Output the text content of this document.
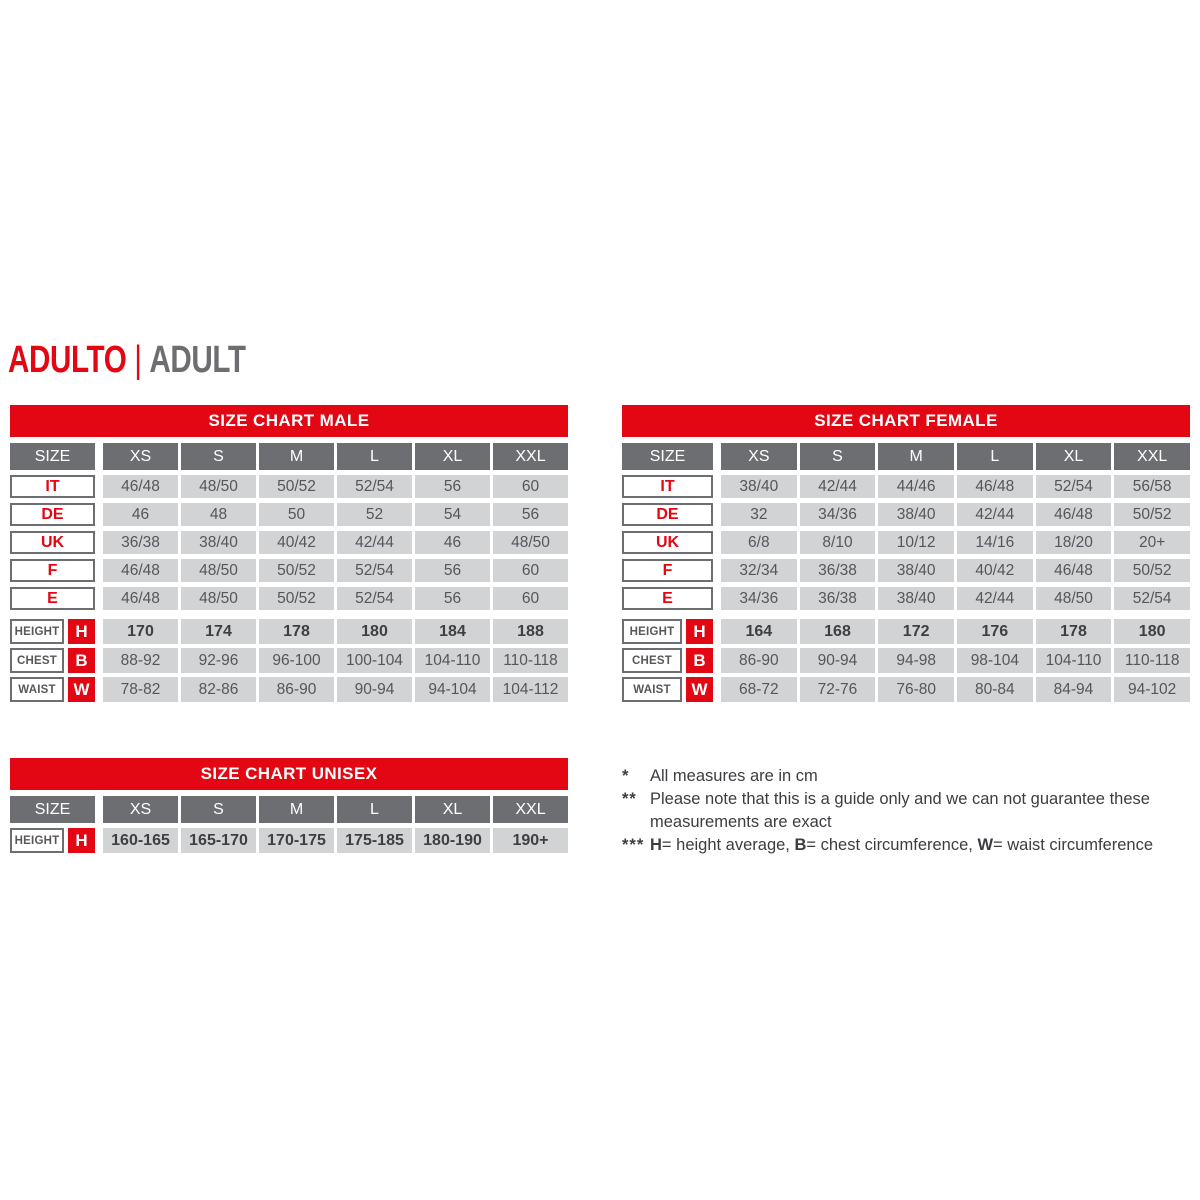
ADULTO | ADULT
SIZE CHART MALE
SIZE	XS	S	M	L	XL	XXL
IT	46/48	48/50	50/52	52/54	56	60
DE	46	48	50	52	54	56
UK	36/38	38/40	40/42	42/44	46	48/50
F	46/48	48/50	50/52	52/54	56	60
E	46/48	48/50	50/52	52/54	56	60
HEIGHT H	170	174	178	180	184	188
CHEST	B	88-92	92-96	96-100	100-104	104-110	110-118
WAIST	W	78-82	82-86	86-90	90-94	94-104	104-112
SIZE CHART FEMALE
SIZE	XS	S	M	L	XL	XXL
IT	38/40	42/44	44/46	46/48	52/54	56/58
DE	32	34/36	38/40	42/44	46/48	50/52
UK	6/8	8/10	10/12	14/16	18/20	20+
F	32/34	36/38	38/40	40/42	46/48	50/52
E	34/36	36/38	38/40	42/44	48/50	52/54
HEIGHT	H	164	168	172	176	178	180
CHEST	B	86-90	90-94	94-98	98-104	104-110	110-118
WAIST	W	68-72	72-76	76-80	80-84	84-94	94-102
SIZE CHART UNISEX
SIZE	XS	S	M	L	XL	XXL
HEIGHT H	160-165	165-170	170-175	175-185	180-190	190+
*	All measures are in cm
** Please note that this is a guide only and we can not guarantee these measurements are exact
*** H= height average, B= chest circumference, W= waist circumference
